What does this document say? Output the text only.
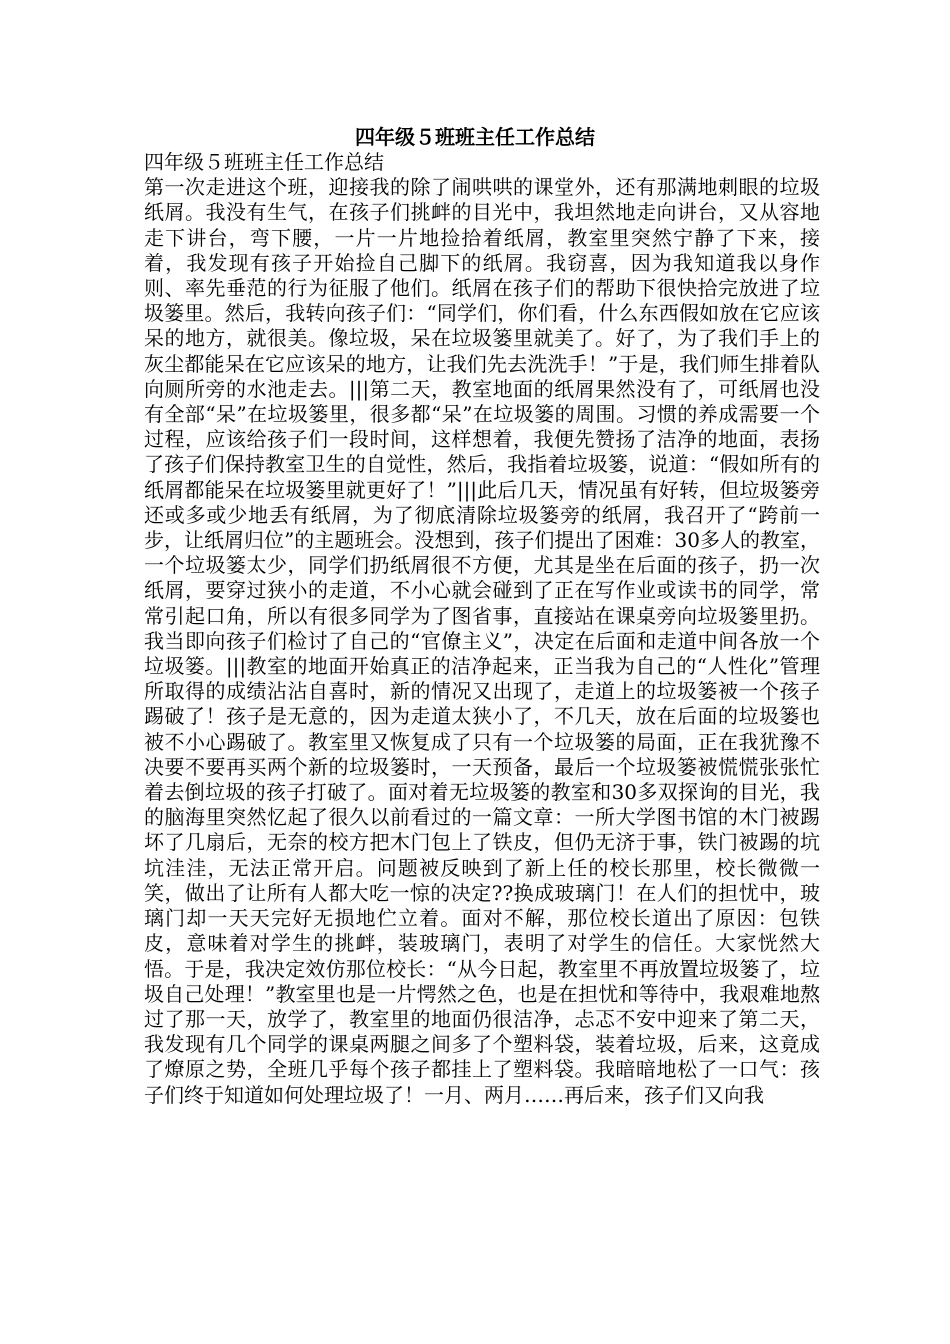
四年级５班班主任工作总结

四年级５班班主任工作总结

第一次走进这个班，迎接我的除了闹哄哄的课堂外，还有那满地刺眼的垃圾纸屑。我没有生气，在孩子们挑衅的目光中，我坦然地走向讲台，又从容地走下讲台，弯下腰，一片一片地捡拾着纸屑，教室里突然宁静了下来，接着，我发现有孩子开始捡自己脚下的纸屑。我窃喜，因为我知道我以身作则、率先垂范的行为征服了他们。纸屑在孩子们的帮助下很快拾完放进了垃圾篓里。然后，我转向孩子们：“同学们，你们看，什么东西假如放在它应该呆的地方，就很美。像垃圾，呆在垃圾篓里就美了。好了，为了我们手上的灰尘都能呆在它应该呆的地方，让我们先去洗洗手！”于是，我们师生排着队向厕所旁的水池走去。|||第二天，教室地面的纸屑果然没有了，可纸屑也没有全部“呆”在垃圾篓里，很多都“呆”在垃圾篓的周围。习惯的养成需要一个过程，应该给孩子们一段时间，这样想着，我便先赞扬了洁净的地面，表扬了孩子们保持教室卫生的自觉性，然后，我指着垃圾篓，说道：“假如所有的纸屑都能呆在垃圾篓里就更好了！”|||此后几天，情况虽有好转，但垃圾篓旁还或多或少地丢有纸屑，为了彻底清除垃圾篓旁的纸屑，我召开了“跨前一步，让纸屑归位”的主题班会。没想到，孩子们提出了困难：30多人的教室，一个垃圾篓太少，同学们扔纸屑很不方便，尤其是坐在后面的孩子，扔一次纸屑，要穿过狭小的走道，不小心就会碰到了正在写作业或读书的同学，常常引起口角，所以有很多同学为了图省事，直接站在课桌旁向垃圾篓里扔。我当即向孩子们检讨了自己的“官僚主义”，决定在后面和走道中间各放一个垃圾篓。|||教室的地面开始真正的洁净起来，正当我为自己的“人性化”管理所取得的成绩沾沾自喜时，新的情况又出现了，走道上的垃圾篓被一个孩子踢破了！孩子是无意的，因为走道太狭小了，不几天，放在后面的垃圾篓也被不小心踢破了。教室里又恢复成了只有一个垃圾篓的局面，正在我犹豫不决要不要再买两个新的垃圾篓时，一天预备，最后一个垃圾篓被慌慌张张忙着去倒垃圾的孩子打破了。面对着无垃圾篓的教室和30多双探询的目光，我的脑海里突然忆起了很久以前看过的一篇文章：一所大学图书馆的木门被踢坏了几扇后，无奈的校方把木门包上了铁皮，但仍无济于事，铁门被踢的坑坑洼洼，无法正常开启。问题被反映到了新上任的校长那里，校长微微一笑，做出了让所有人都大吃一惊的决定??换成玻璃门！在人们的担忧中，玻璃门却一天天完好无损地伫立着。面对不解，那位校长道出了原因：包铁皮，意味着对学生的挑衅，装玻璃门，表明了对学生的信任。大家恍然大悟。于是，我决定效仿那位校长：“从今日起，教室里不再放置垃圾篓了，垃圾自己处理！”教室里也是一片愕然之色，也是在担忧和等待中，我艰难地熬过了那一天，放学了，教室里的地面仍很洁净，忐忑不安中迎来了第二天，我发现有几个同学的课桌两腿之间多了个塑料袋，装着垃圾，后来，这竟成了燎原之势，全班几乎每个孩子都挂上了塑料袋。我暗暗地松了一口气：孩子们终于知道如何处理垃圾了！一月、两月……再后来，孩子们又向我
